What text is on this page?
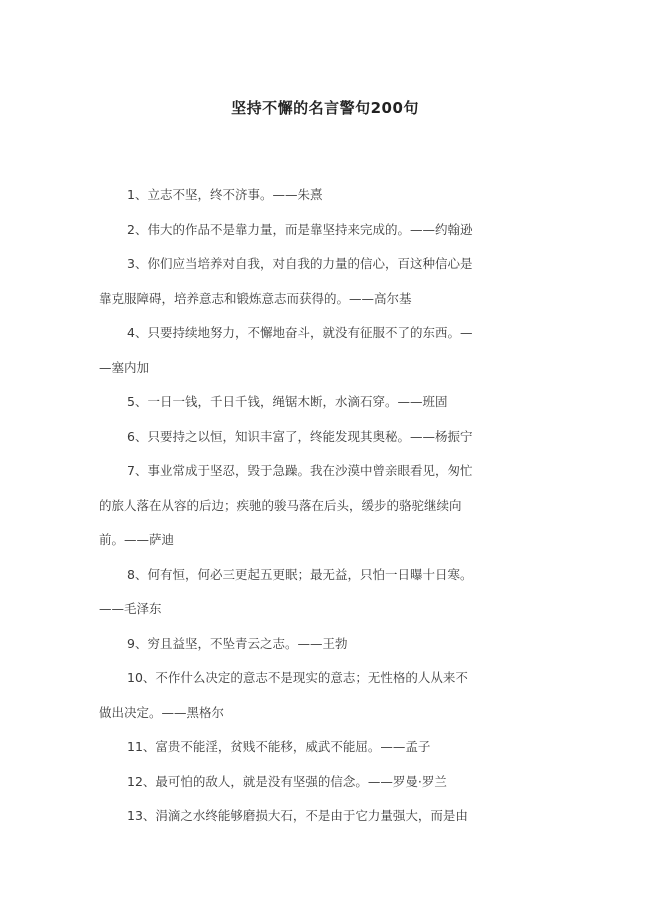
坚持不懈的名言警句200句
1、立志不坚，终不济事。——朱熹
2、伟大的作品不是靠力量，而是靠坚持来完成的。——约翰逊
3、你们应当培养对自我，对自我的力量的信心，百这种信心是
靠克服障碍，培养意志和锻炼意志而获得的。——高尔基
4、只要持续地努力，不懈地奋斗，就没有征服不了的东西。—
—塞内加
5、一日一钱，千日千钱，绳锯木断，水滴石穿。——班固
6、只要持之以恒，知识丰富了，终能发现其奥秘。——杨振宁
7、事业常成于坚忍，毁于急躁。我在沙漠中曾亲眼看见，匆忙
的旅人落在从容的后边；疾驰的骏马落在后头，缓步的骆驼继续向
前。——萨迪
8、何有恒，何必三更起五更眠；最无益，只怕一日曝十日寒。
——毛泽东
9、穷且益坚，不坠青云之志。——王勃
10、不作什么决定的意志不是现实的意志；无性格的人从来不
做出决定。——黑格尔
11、富贵不能淫，贫贱不能移，威武不能屈。——孟子
12、最可怕的敌人，就是没有坚强的信念。——罗曼·罗兰
13、涓滴之水终能够磨损大石，不是由于它力量强大，而是由
